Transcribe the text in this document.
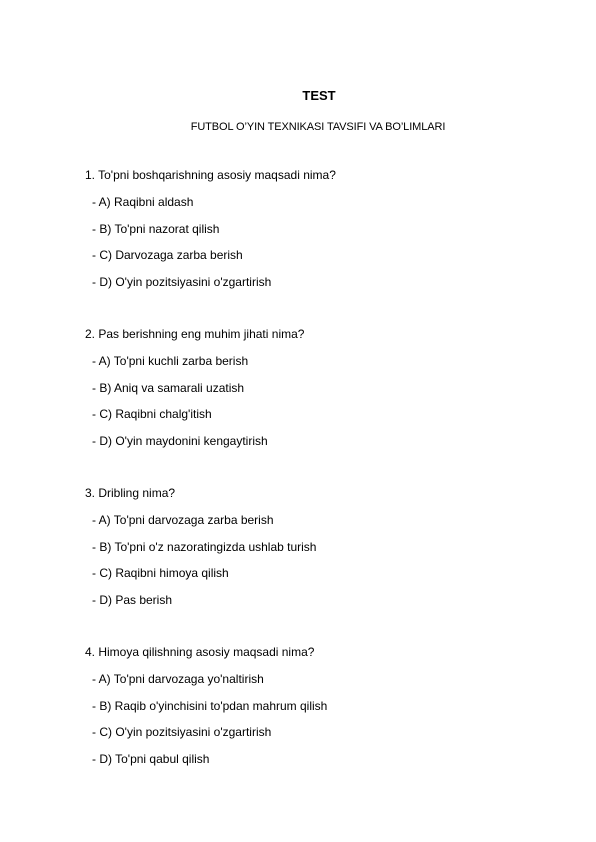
TEST
FUTBOL O’YIN TEXNIKASI TAVSIFI VA BO’LIMLARI
1. To'pni boshqarishning asosiy maqsadi nima?
- A) Raqibni aldash
- B) To'pni nazorat qilish
- C) Darvozaga zarba berish
- D) O'yin pozitsiyasini o'zgartirish
2. Pas berishning eng muhim jihati nima?
- A) To'pni kuchli zarba berish
- B) Aniq va samarali uzatish
- C) Raqibni chalg'itish
- D) O'yin maydonini kengaytirish
3. Dribling nima?
- A) To'pni darvozaga zarba berish
- B) To'pni o'z nazoratingizda ushlab turish
- C) Raqibni himoya qilish
- D) Pas berish
4. Himoya qilishning asosiy maqsadi nima?
- A) To'pni darvozaga yo'naltirish
- B) Raqib o'yinchisini to'pdan mahrum qilish
- C) O'yin pozitsiyasini o'zgartirish
- D) To'pni qabul qilish
